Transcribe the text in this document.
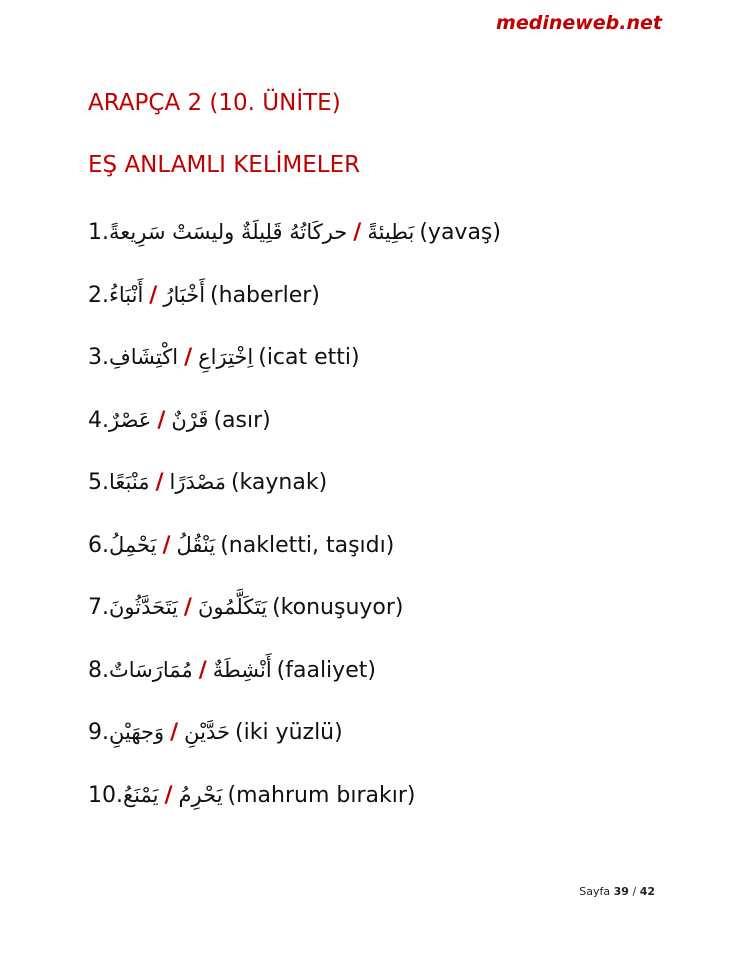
medineweb.net
ARAPÇA 2 (10. ÜNİTE)
EŞ ANLAMLI KELİMELER
1.حركَاتُهُ قَلِيلَةٌ وليسَتْ سَرِيعةً / بَطِيئةً (yavaş)
2.أَنْبَاءُ / أَخْبَارُ (haberler)
3.اكْتِشَافِ / اِخْتِرَاعِ (icat etti)
4.عَصْرٌ / قَرْنٌ (asır)
5.مَنْبَعًا / مَصْدَرًا (kaynak)
6.يَحْمِلُ / يَنْقُلُ (nakletti, taşıdı)
7.يَتَحَدَّثُونَ / يَتَكَلَّمُونَ (konuşuyor)
8.مُمَارَسَاتٌ / أَنْشِطَةٌ (faaliyet)
9.وَجهَيْنِ / حَدَّيْنِ (iki yüzlü)
10.يَمْنَعُ / يَحْرِمُ (mahrum bırakır)
Sayfa 39 / 42
